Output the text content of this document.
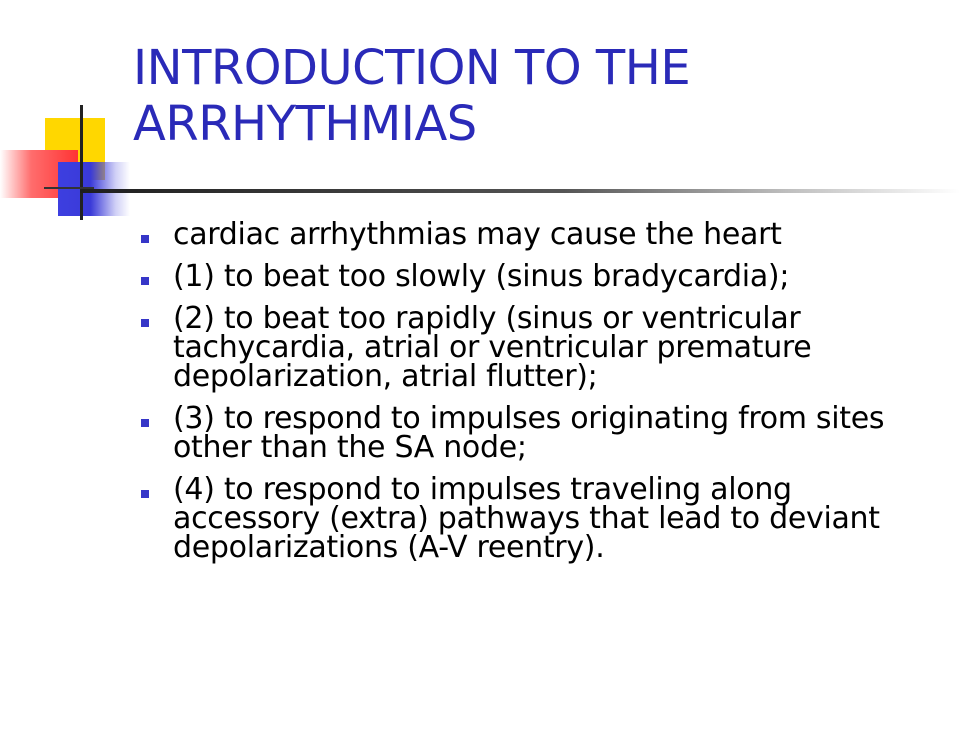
INTRODUCTION TO THE ARRHYTHMIAS
cardiac arrhythmias may cause the heart
(1) to beat too slowly (sinus bradycardia);
(2) to beat too rapidly (sinus or ventricular tachycardia, atrial or ventricular premature depolarization, atrial flutter);
(3) to respond to impulses originating from sites other than the SA node;
(4) to respond to impulses traveling along accessory (extra) pathways that lead to deviant depolarizations (A-V reentry).
